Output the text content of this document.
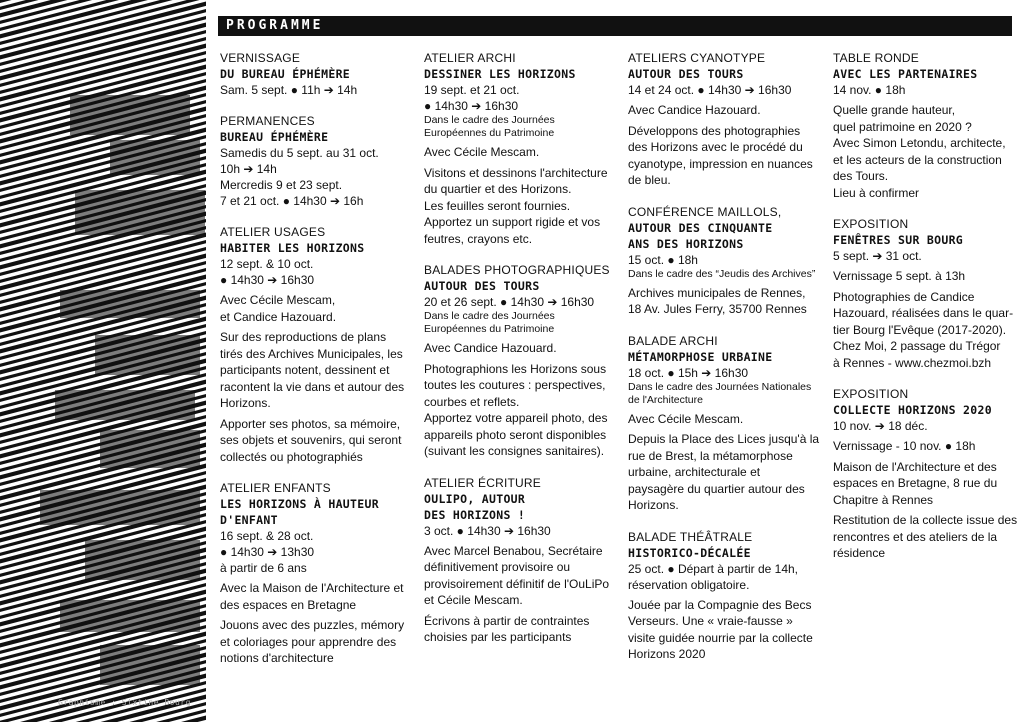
Graphisme : Sixtine Bourg
PROGRAMME
VERNISSAGE
DU BUREAU ÉPHÉMÈRE
Sam. 5 sept. ● 11h ➔ 14h
PERMANENCES
BUREAU ÉPHÉMÈRE
Samedis du 5 sept. au 31 oct.
10h ➔ 14h
Mercredis 9 et 23 sept.
7 et 21 oct. ● 14h30 ➔ 16h
ATELIER USAGES
HABITER LES HORIZONS
12 sept. & 10 oct.
● 14h30 ➔ 16h30
Avec Cécile Mescam,
et Candice Hazouard.
Sur des reproductions de plans
tirés des Archives Municipales, les
participants notent, dessinent et
racontent la vie dans et autour des
Horizons.
Apporter ses photos, sa mémoire,
ses objets et souvenirs, qui seront
collectés ou photographiés
ATELIER ENFANTS
LES HORIZONS À HAUTEUR
D'ENFANT
16 sept. & 28 oct.
● 14h30 ➔ 13h30
à partir de 6 ans
Avec la Maison de l'Architecture et
des espaces en Bretagne
Jouons avec des puzzles, mémory
et coloriages pour apprendre des
notions d'architecture
ATELIER ARCHI
DESSINER LES HORIZONS
19 sept. et 21 oct.
● 14h30 ➔ 16h30
Dans le cadre des Journées
Européennes du Patrimoine
Avec Cécile Mescam.
Visitons et dessinons l'architecture
du quartier et des Horizons.
Les feuilles seront fournies.
Apportez un support rigide et vos
feutres, crayons etc.
BALADES PHOTOGRAPHIQUES
AUTOUR DES TOURS
20 et 26 sept. ● 14h30 ➔ 16h30
Dans le cadre des Journées
Européennes du Patrimoine
Avec Candice Hazouard.
Photographions les Horizons sous
toutes les coutures : perspectives,
courbes et reflets.
Apportez votre appareil photo, des
appareils photo seront disponibles
(suivant les consignes sanitaires).
ATELIER ÉCRITURE
OULIPO, AUTOUR
DES HORIZONS !
3 oct. ● 14h30 ➔ 16h30
Avec Marcel Benabou, Secrétaire
définitivement provisoire ou
provisoirement définitif de l'OuLiPo
et Cécile Mescam.
Écrivons à partir de contraintes
choisies par les participants
ATELIERS CYANOTYPE
AUTOUR DES TOURS
14 et 24 oct. ● 14h30 ➔ 16h30
Avec Candice Hazouard.
Développons des photographies
des Horizons avec le procédé du
cyanotype, impression en nuances
de bleu.
CONFÉRENCE MAILLOLS,
AUTOUR DES CINQUANTE
ANS DES HORIZONS
15 oct. ● 18h
Dans le cadre des “Jeudis des Archives”
Archives municipales de Rennes,
18 Av. Jules Ferry, 35700 Rennes
BALADE ARCHI
MÉTAMORPHOSE URBAINE
18 oct. ● 15h ➔ 16h30
Dans le cadre des Journées Nationales
de l'Architecture
Avec Cécile Mescam.
Depuis la Place des Lices jusqu'à la
rue de Brest, la métamorphose
urbaine, architecturale et
paysagère du quartier autour des
Horizons.
BALADE THÉÂTRALE
HISTORICO-DÉCALÉE
25 oct. ● Départ à partir de 14h,
réservation obligatoire.
Jouée par la Compagnie des Becs
Verseurs. Une « vraie-fausse »
visite guidée nourrie par la collecte
Horizons 2020
TABLE RONDE
AVEC LES PARTENAIRES
14 nov. ● 18h
Quelle grande hauteur,
quel patrimoine en 2020 ?
Avec Simon Letondu, architecte,
et les acteurs de la construction
des Tours.
Lieu à confirmer
EXPOSITION
FENÊTRES SUR BOURG
5 sept. ➔ 31 oct.
Vernissage 5 sept. à 13h
Photographies de Candice
Hazouard, réalisées dans le quar-
tier Bourg l'Evêque (2017-2020).
Chez Moi, 2 passage du Trégor
à Rennes - www.chezmoi.bzh
EXPOSITION
COLLECTE HORIZONS 2020
10 nov. ➔ 18 déc.
Vernissage - 10 nov. ● 18h
Maison de l'Architecture et des
espaces en Bretagne, 8 rue du
Chapitre à Rennes
Restitution de la collecte issue des
rencontres et des ateliers de la
résidence
